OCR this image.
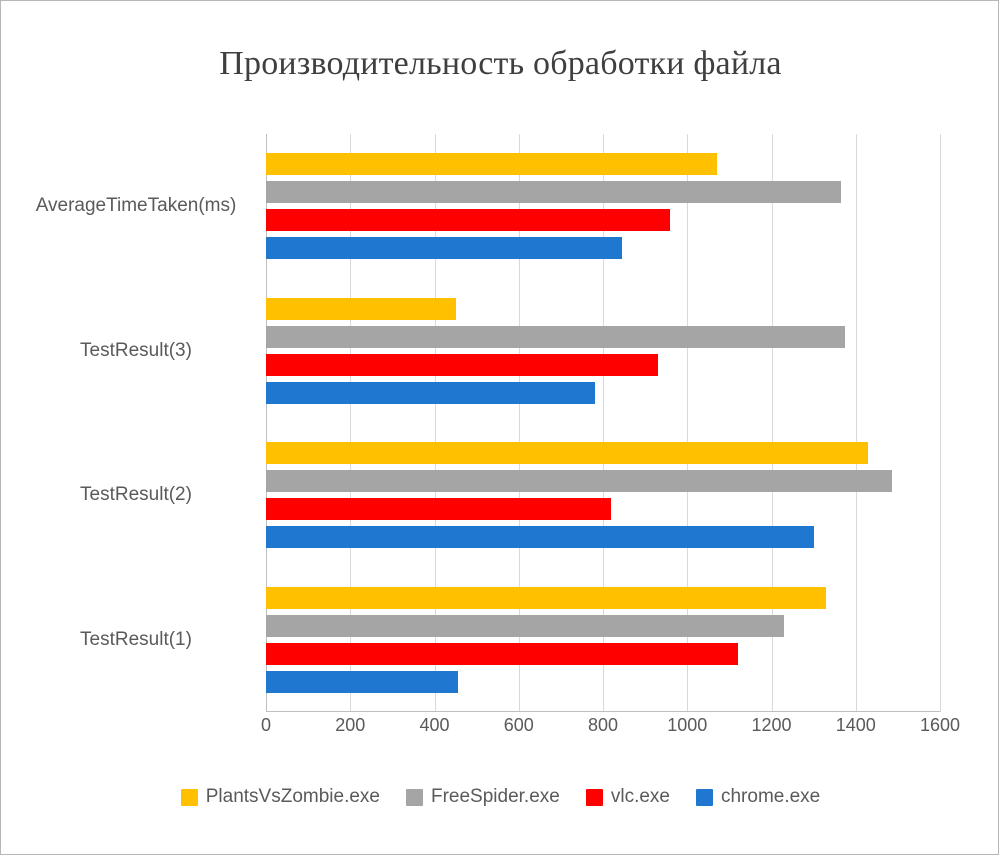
Производительность обработки файла
TestResult(1)
TestResult(2)
TestResult(3)
AverageTimeTaken(ms)
0	200	400	600	800	1000 1200 1400 1600
PlantsVsZombie.exe	FreeSpider.exe	vlc.exe	chrome.exe
